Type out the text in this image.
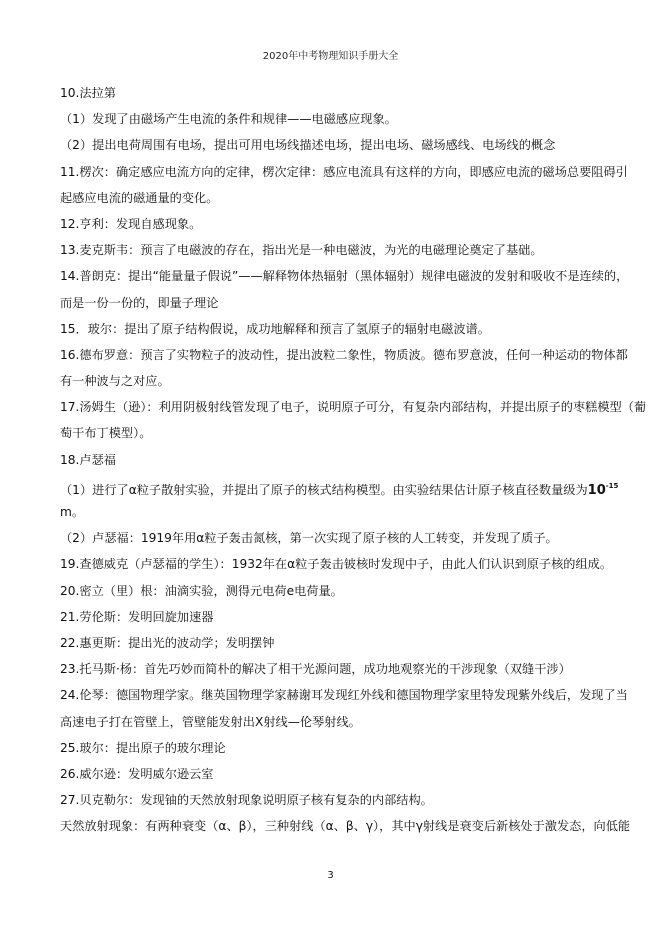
2020年中考物理知识手册大全
10.法拉第
（1）发现了由磁场产生电流的条件和规律——电磁感应现象。
（2）提出电荷周围有电场，提出可用电场线描述电场，提出电场、磁场感线、电场线的概念
11.楞次：确定感应电流方向的定律，楞次定律：感应电流具有这样的方向，即感应电流的磁场总要阻碍引
起感应电流的磁通量的变化。
12.亨利：发现自感现象。
13.麦克斯韦：预言了电磁波的存在，指出光是一种电磁波，为光的电磁理论奠定了基础。
14.普朗克：提出“能量量子假说”——解释物体热辐射（黑体辐射）规律电磁波的发射和吸收不是连续的，
而是一份一份的，即量子理论
15．玻尔：提出了原子结构假说，成功地解释和预言了氢原子的辐射电磁波谱。
16.德布罗意：预言了实物粒子的波动性，提出波粒二象性，物质波。德布罗意波，任何一种运动的物体都
有一种波与之对应。
17.汤姆生（逊）：利用阴极射线管发现了电子，说明原子可分，有复杂内部结构，并提出原子的枣糕模型（葡
萄干布丁模型）。
18.卢瑟福
（1）进行了α粒子散射实验，并提出了原子的核式结构模型。由实验结果估计原子核直径数量级为$10^{-15}$
m。
（2）卢瑟福：1919年用α粒子轰击氮核，第一次实现了原子核的人工转变，并发现了质子。
19.查德威克（卢瑟福的学生）：1932年在α粒子轰击铍核时发现中子，由此人们认识到原子核的组成。
20.密立（里）根：油滴实验，测得元电荷e电荷量。
21.劳伦斯：发明回旋加速器
22.惠更斯：提出光的波动学；发明摆钟
23.托马斯·杨：首先巧妙而简朴的解决了相干光源问题，成功地观察光的干涉现象（双缝干涉）
24.伦琴：德国物理学家。继英国物理学家赫谢耳发现红外线和德国物理学家里特发现紫外线后，发现了当
高速电子打在管壁上，管壁能发射出X射线—伦琴射线。
25.玻尔：提出原子的玻尔理论
26.威尔逊：发明威尔逊云室
27.贝克勒尔：发现铀的天然放射现象说明原子核有复杂的内部结构。
天然放射现象：有两种衰变（α、β），三种射线（α、β、γ），其中γ射线是衰变后新核处于激发态，向低能
3
